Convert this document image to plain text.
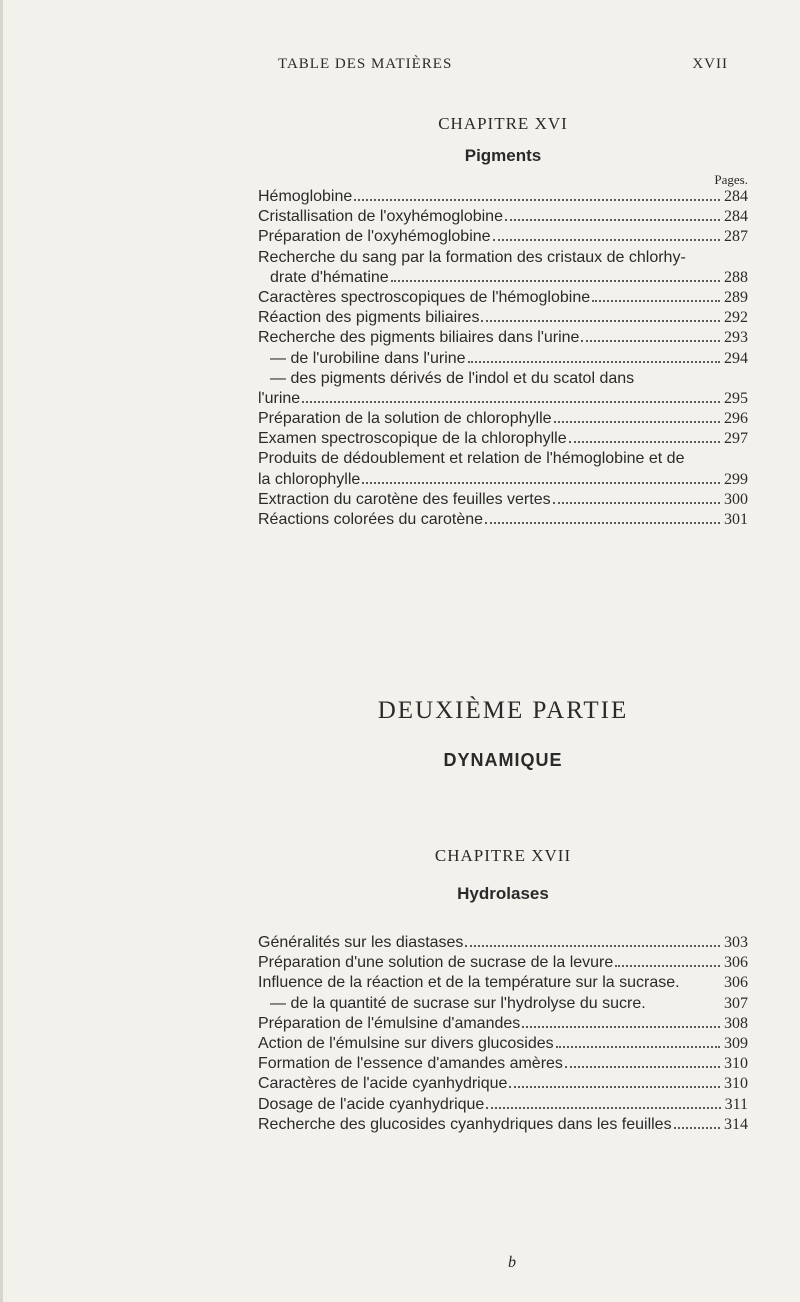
TABLE DES MATIÈRES	XVII
CHAPITRE XVI
Pigments
Pages.
Hémoglobine	284
Cristallisation de l'oxyhémoglobine	284
Préparation de l'oxyhémoglobine	287
Recherche du sang par la formation des cristaux de chlorhy-
drate d'hématine	288
Caractères spectroscopiques de l'hémoglobine	289
Réaction des pigments biliaires	292
Recherche des pigments biliaires dans l'urine	293
— de l'urobiline dans l'urine	294
— des pigments dérivés de l'indol et du scatol dans
l'urine	295
Préparation de la solution de chlorophylle	296
Examen spectroscopique de la chlorophylle	297
Produits de dédoublement et relation de l'hémoglobine et de
la chlorophylle	299
Extraction du carotène des feuilles vertes	300
Réactions colorées du carotène	301
DEUXIÈME PARTIE
DYNAMIQUE
CHAPITRE XVII
Hydrolases
Généralités sur les diastases	303
Préparation d'une solution de sucrase de la levure	306
Influence de la réaction et de la température sur la sucrase.	306
— de la quantité de sucrase sur l'hydrolyse du sucre.	307
Préparation de l'émulsine d'amandes	308
Action de l'émulsine sur divers glucosides	309
Formation de l'essence d'amandes amères	310
Caractères de l'acide cyanhydrique	310
Dosage de l'acide cyanhydrique	311
Recherche des glucosides cyanhydriques dans les feuilles	314
b
